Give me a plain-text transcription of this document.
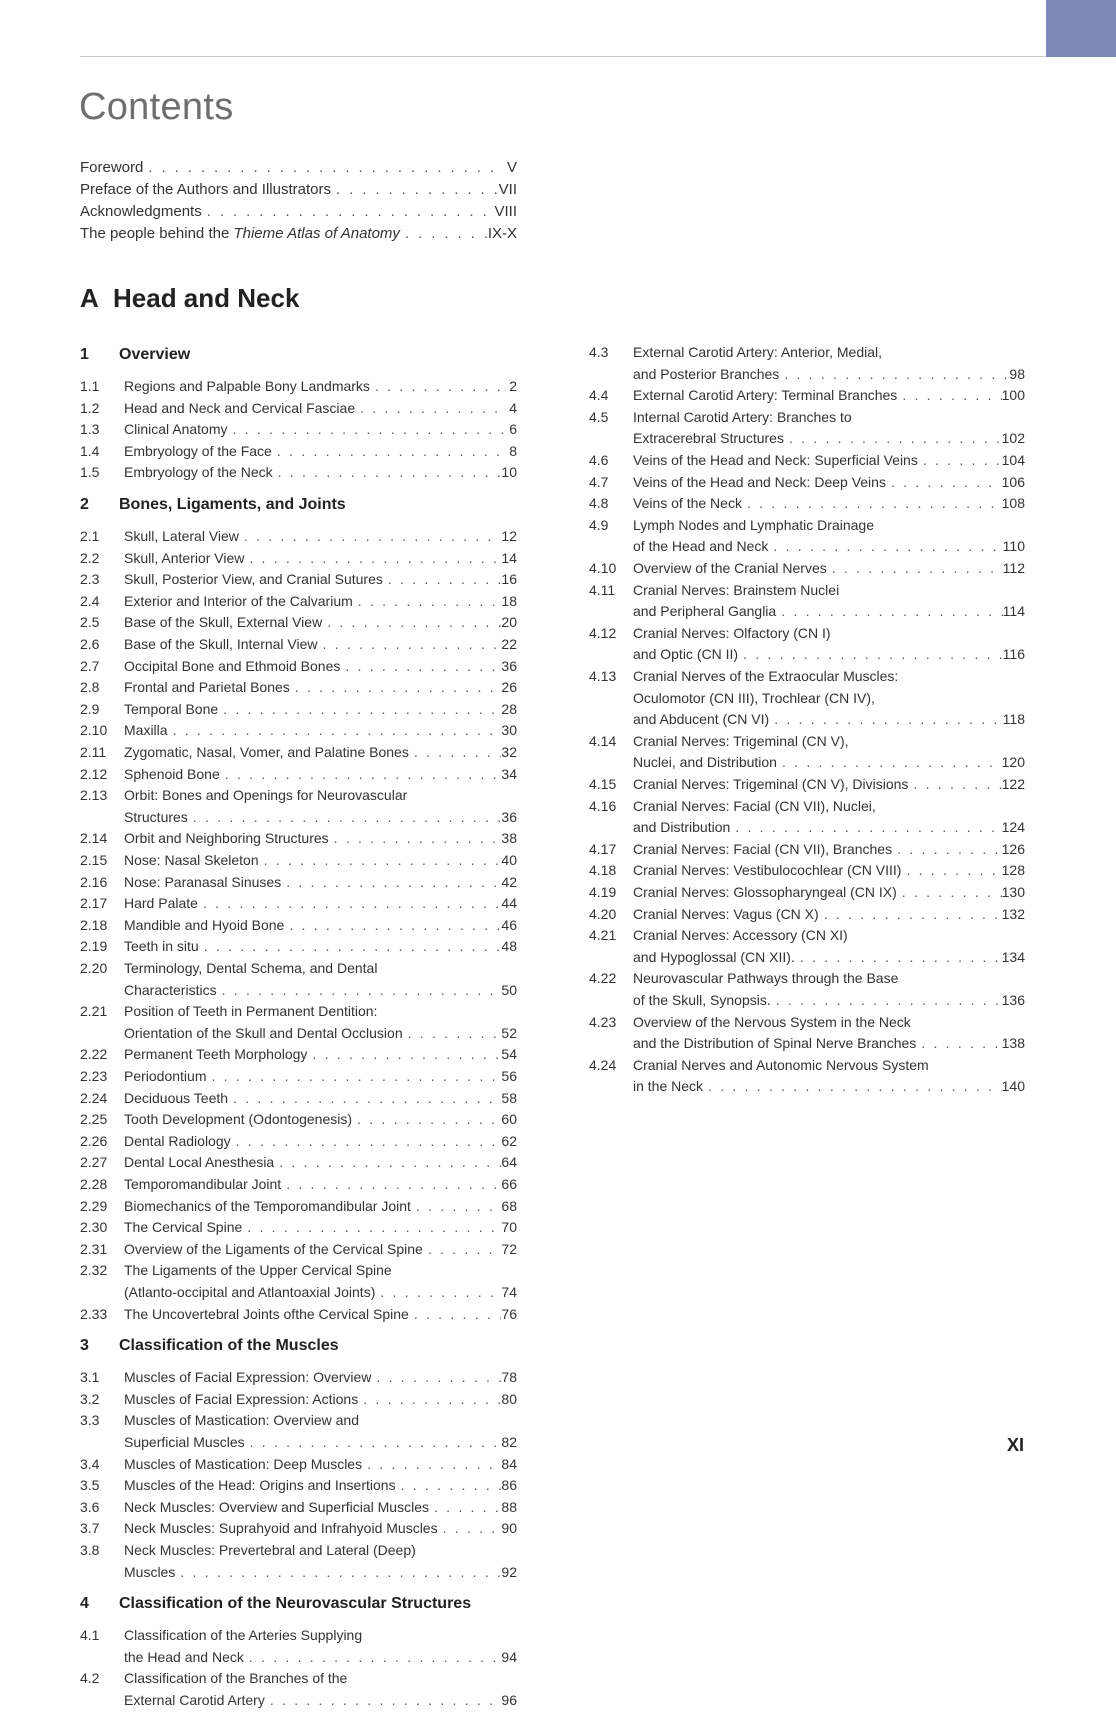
Contents
Foreword . . .	V
Preface of the Authors and Illustrators . . .	VII
Acknowledgments . . .	VIII
The people behind the Thieme Atlas of Anatomy . . .	IX-X
A Head and Neck
1	Overview
1.1	Regions and Palpable Bony Landmarks . . .	2
1.2	Head and Neck and Cervical Fasciae . . .	4
1.3	Clinical Anatomy . . .	6
1.4	Embryology of the Face . . .	8
1.5	Embryology of the Neck . . .	10
2	Bones, Ligaments, and Joints
2.1	Skull, Lateral View . . .	12
2.2	Skull, Anterior View . . .	14
2.3	Skull, Posterior View, and Cranial Sutures . . .	16
2.4	Exterior and Interior of the Calvarium . . .	18
2.5	Base of the Skull, External View . . .	20
2.6	Base of the Skull, Internal View . . .	22
2.7	Occipital Bone and Ethmoid Bones . . .	36
2.8	Frontal and Parietal Bones . . .	26
2.9	Temporal Bone . . .	28
2.10	Maxilla . . .	30
2.11	Zygomatic, Nasal, Vomer, and Palatine Bones . . .	32
2.12	Sphenoid Bone . . .	34
2.13	Orbit: Bones and Openings for Neurovascular
Structures . . .	36
2.14	Orbit and Neighboring Structures . . .	38
2.15	Nose: Nasal Skeleton . . .	40
2.16	Nose: Paranasal Sinuses . . .	42
2.17	Hard Palate . . .	44
2.18	Mandible and Hyoid Bone . . .	46
2.19	Teeth in situ . . .	48
2.20	Terminology, Dental Schema, and Dental
Characteristics . . .	50
2.21	Position of Teeth in Permanent Dentition:
Orientation of the Skull and Dental Occlusion . . .	52
2.22	Permanent Teeth Morphology . . .	54
2.23	Periodontium . . .	56
2.24	Deciduous Teeth . . .	58
2.25	Tooth Development (Odontogenesis) . . .	60
2.26	Dental Radiology . . .	62
2.27	Dental Local Anesthesia . . .	64
2.28	Temporomandibular Joint . . .	66
2.29	Biomechanics of the Temporomandibular Joint . . .	68
2.30	The Cervical Spine . . .	70
2.31	Overview of the Ligaments of the Cervical Spine . . .	72
2.32	The Ligaments of the Upper Cervical Spine
(Atlanto-occipital and Atlantoaxial Joints) . . .	74
2.33	The Uncovertebral Joints ofthe Cervical Spine . . .	76
3	Classification of the Muscles
3.1	Muscles of Facial Expression: Overview . . .	78
3.2	Muscles of Facial Expression: Actions . . .	80
3.3	Muscles of Mastication: Overview and
Superficial Muscles . . .	82
3.4	Muscles of Mastication: Deep Muscles . . .	84
3.5	Muscles of the Head: Origins and Insertions . . .	86
3.6	Neck Muscles: Overview and Superficial Muscles . . .	88
3.7	Neck Muscles: Suprahyoid and Infrahyoid Muscles . . .	90
3.8	Neck Muscles: Prevertebral and Lateral (Deep)
Muscles . . .	92
4	Classification of the Neurovascular Structures
4.1	Classification of the Arteries Supplying
the Head and Neck . . .	94
4.2	Classification of the Branches of the
External Carotid Artery . . .	96
4.3	External Carotid Artery: Anterior, Medial,
and Posterior Branches . . .	98
4.4	External Carotid Artery: Terminal Branches . . .	100
4.5	Internal Carotid Artery: Branches to
Extracerebral Structures . . .	102
4.6	Veins of the Head and Neck: Superficial Veins . . .	104
4.7	Veins of the Head and Neck: Deep Veins . . .	106
4.8	Veins of the Neck . . .	108
4.9	Lymph Nodes and Lymphatic Drainage
of the Head and Neck . . .	110
4.10	Overview of the Cranial Nerves . . .	112
4.11	Cranial Nerves: Brainstem Nuclei
and Peripheral Ganglia . . .	114
4.12	Cranial Nerves: Olfactory (CN I)
and Optic (CN II) . . .	116
4.13	Cranial Nerves of the Extraocular Muscles:
Oculomotor (CN III), Trochlear (CN IV),
and Abducent (CN VI) . . .	118
4.14	Cranial Nerves: Trigeminal (CN V),
Nuclei, and Distribution . . .	120
4.15	Cranial Nerves: Trigeminal (CN V), Divisions . . .	122
4.16	Cranial Nerves: Facial (CN VII), Nuclei,
and Distribution . . .	124
4.17	Cranial Nerves: Facial (CN VII), Branches . . .	126
4.18	Cranial Nerves: Vestibulocochlear (CN VIII) . . .	128
4.19	Cranial Nerves: Glossopharyngeal (CN IX) . . .	130
4.20	Cranial Nerves: Vagus (CN X) . . .	132
4.21	Cranial Nerves: Accessory (CN XI)
and Hypoglossal (CN XII). . . .	134
4.22	Neurovascular Pathways through the Base
of the Skull, Synopsis. . . .	136
4.23	Overview of the Nervous System in the Neck
and the Distribution of Spinal Nerve Branches . . .	138
4.24	Cranial Nerves and Autonomic Nervous System
in the Neck . . .	140

XI
